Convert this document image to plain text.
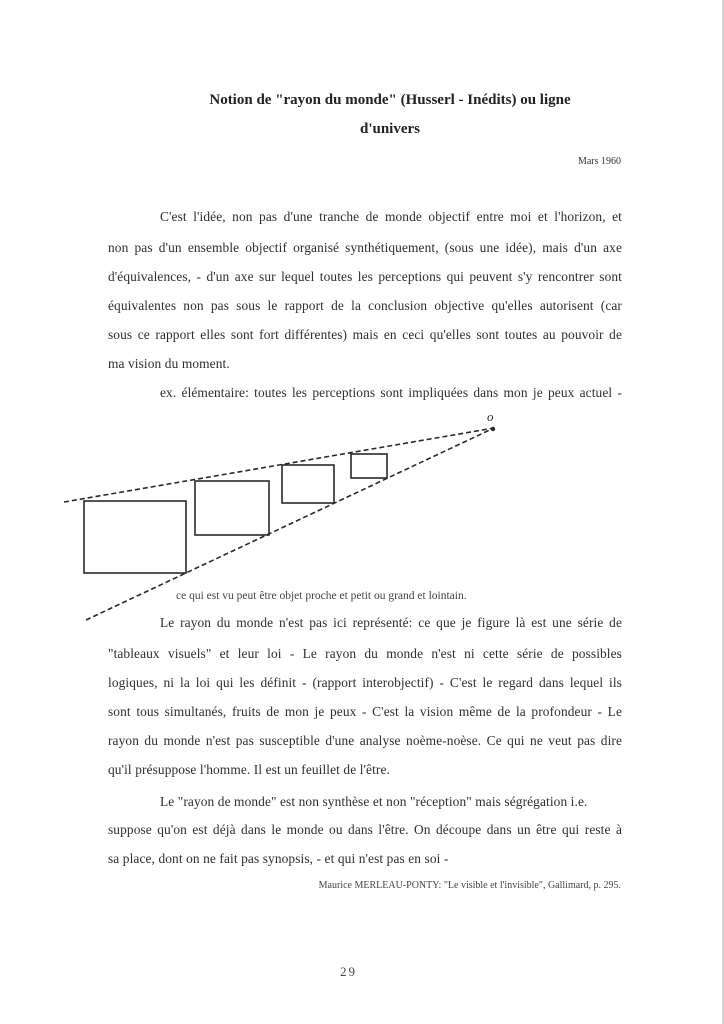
Notion de "rayon du monde" (Husserl - Inédits) ou ligne
d'univers
Mars 1960
C'est l'idée, non pas d'une tranche de monde objectif entre moi et l'horizon, et
non pas d'un ensemble objectif organisé synthétiquement, (sous une idée), mais d'un axe
d'équivalences, - d'un axe sur lequel toutes les perceptions qui peuvent s'y rencontrer sont
équivalentes non pas sous le rapport de la conclusion objective qu'elles autorisent (car
sous ce rapport elles sont fort différentes) mais en ceci qu'elles sont toutes au pouvoir de
ma vision du moment.
ex. élémentaire: toutes les perceptions sont impliquées dans mon je peux actuel -
o
ce qui est vu peut être objet proche et petit ou grand et lointain.
Le rayon du monde n'est pas ici représenté: ce que je figure là est une série de
"tableaux visuels" et leur loi - Le rayon du monde n'est ni cette série de possibles
logiques, ni la loi qui les définit - (rapport interobjectif) - C'est le regard dans lequel ils
sont tous simultanés, fruits de mon je peux - C'est la vision même de la profondeur - Le
rayon du monde n'est pas susceptible d'une analyse noème-noèse. Ce qui ne veut pas dire
qu'il présuppose l'homme. Il est un feuillet de l'être.
Le "rayon de monde" est non synthèse et non "réception" mais ségrégation i.e.
suppose qu'on est déjà dans le monde ou dans l'être. On découpe dans un être qui reste à
sa place, dont on ne fait pas synopsis, - et qui n'est pas en soi -
Maurice MERLEAU-PONTY: "Le visible et l'invisible", Gallimard, p. 295.
29
